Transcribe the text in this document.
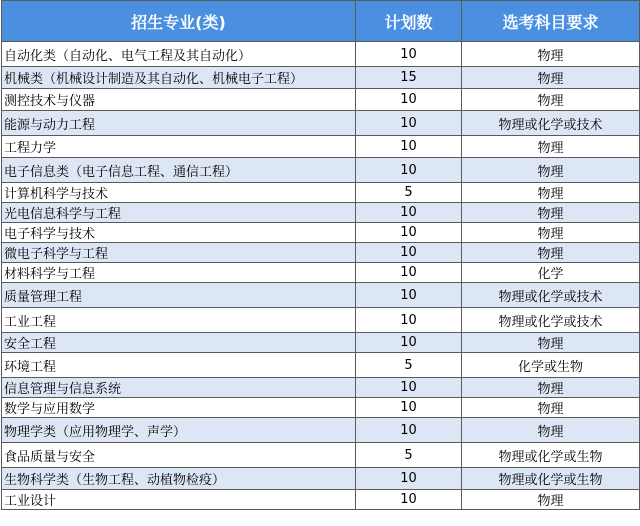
招生专业(类)	计划数	选考科目要求
自动化类（自动化、电气工程及其自动化）	10	物理
机械类（机械设计制造及其自动化、机械电子工程）	15	物理
测控技术与仪器	10	物理
能源与动力工程	10	物理或化学或技术
工程力学	10	物理
电子信息类（电子信息工程、通信工程）	10	物理
计算机科学与技术	5	物理
光电信息科学与工程	10	物理
电子科学与技术	10	物理
微电子科学与工程	10	物理
材料科学与工程	10	化学
质量管理工程	10	物理或化学或技术
工业工程	10	物理或化学或技术
安全工程	10	物理
环境工程	5	化学或生物
信息管理与信息系统	10	物理
数学与应用数学	10	物理
物理学类（应用物理学、声学）	10	物理
食品质量与安全	5	物理或化学或生物
生物科学类（生物工程、动植物检疫）	10	物理或化学或生物
工业设计	10	物理
